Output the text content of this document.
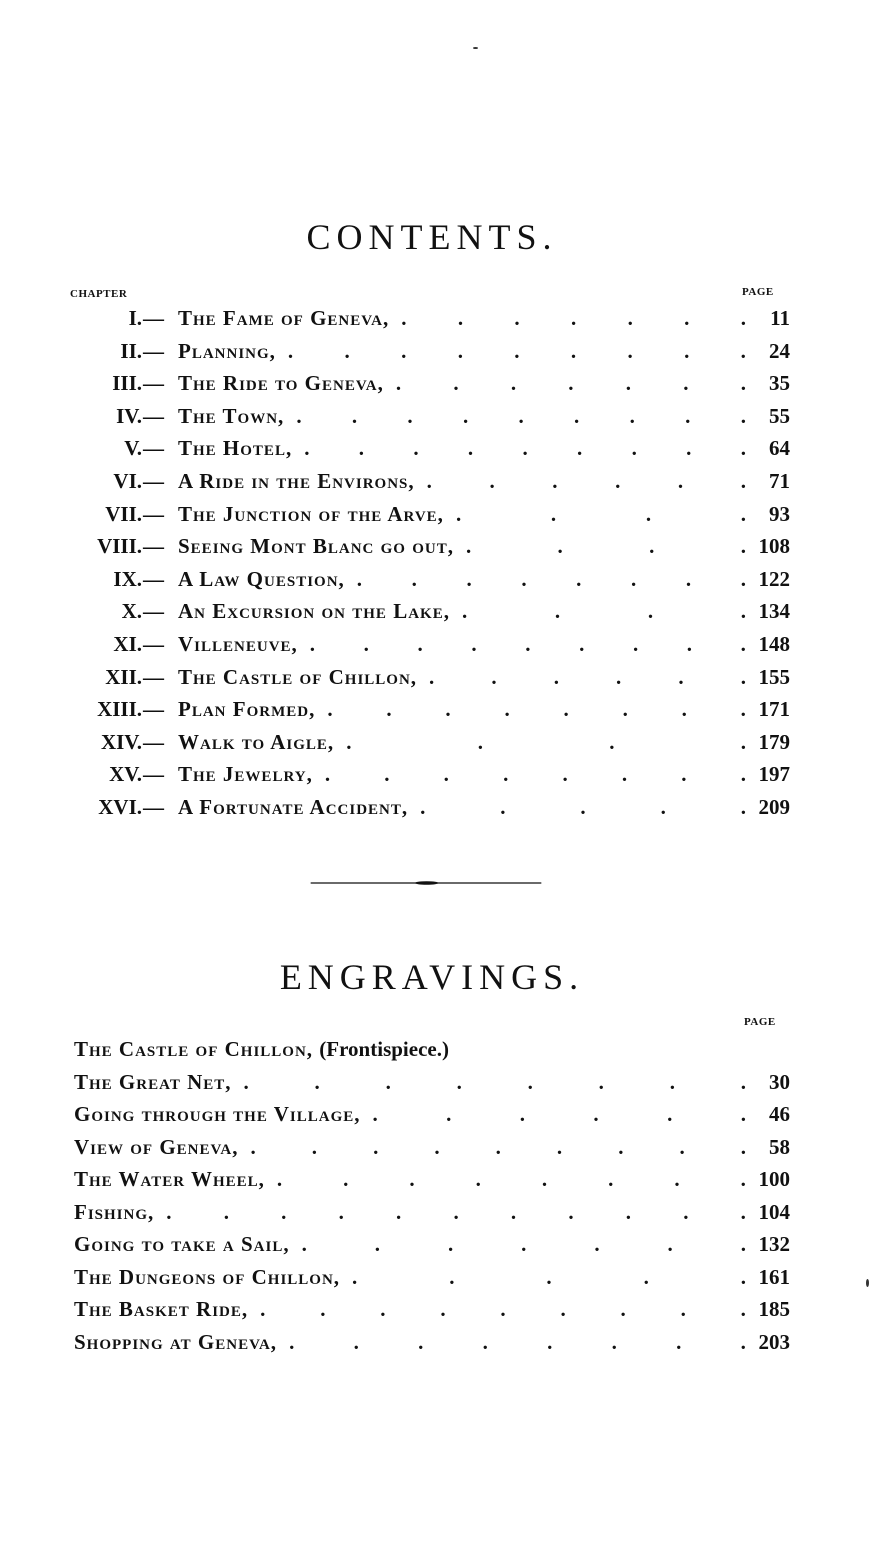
CONTENTS.
CHAPTER	PAGE
I. — The Fame of Geneva, . . . . . . . 11
II. — Planning, . . . . . . . . . 24
III. — The Ride to Geneva, . . . . . . . 35
IV. — The Town, . . . . . . . . . 55
V. — The Hotel, . . . . . . . . . 64
VI. — A Ride in the Environs, .	.	.	.	.	. 71
VII. — The Junction of the Arve, .	.	.	. 93
VIII. — Seeing Mont Blanc go out, .	.	.	. 108
IX. — A Law Question, . . . . . . . . 122
X. — An Excursion on the Lake, .	.	.	. 134
XI. — Villeneuve, . . . . . . . . . 148
XII. — The Castle of Chillon, .	.	.	.	.	. 155
XIII. — Plan Formed, .	.	.	.	.	.	.	. 171
XIV. — Walk to Aigle, .	.	.	. 179
XV. — The Jewelry, .	.	.	.	.	.	.	. 197
XVI. — A Fortunate Accident, .	.	.	.	. 209
ENGRAVINGS.
PAGE
The Castle of Chillon, (Frontispiece.)
The Great Net, .	.	.	.	.	.	.	. 30
Going through the Village, .	.	.	.	.	. 46
View of Geneva, .	.	.	.	.	.	.	.	. 58
The Water Wheel, .	.	.	.	.	.	.	. 100
Fishing, . . . . . . . . . . . 104
Going to take a Sail, .	.	.	.	.	.	. 132
The Dungeons of Chillon, .	.	.	.	. 161
The Basket Ride, .	.	.	.	.	.	.	.	. 185
Shopping at Geneva, .	.	.	.	.	.	.	. 203
